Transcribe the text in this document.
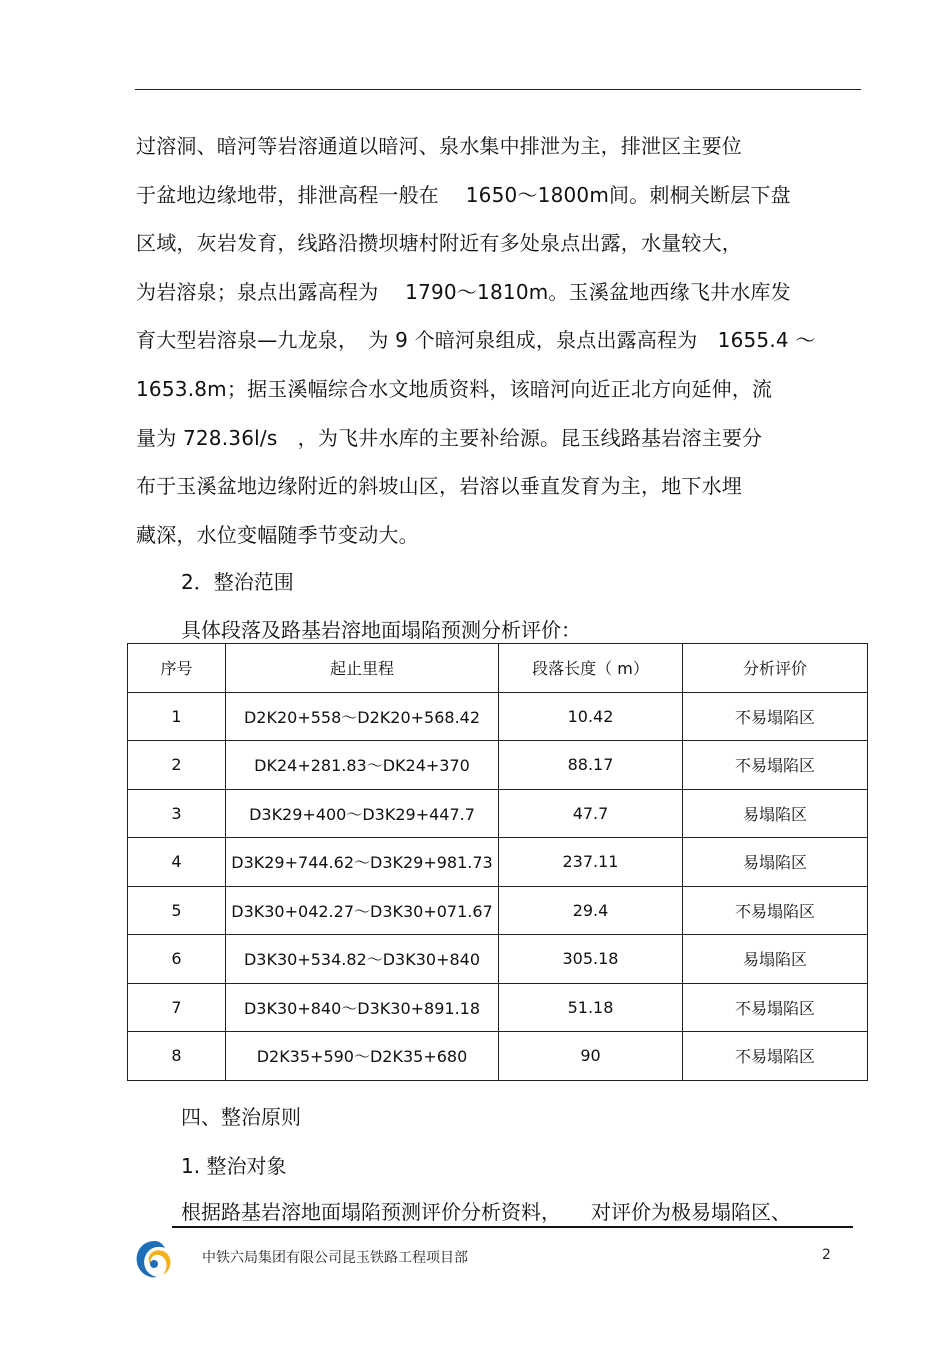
过溶洞、暗河等岩溶通道以暗河、泉水集中排泄为主，排泄区主要位
于盆地边缘地带，排泄高程一般在　 1650～1800m间。刺桐关断层下盘
区域，灰岩发育，线路沿攒坝塘村附近有多处泉点出露，水量较大，
为岩溶泉；泉点出露高程为　 1790～1810m。玉溪盆地西缘飞井水库发
育大型岩溶泉—九龙泉，　为 9 个暗河泉组成，泉点出露高程为　1655.4 ～
1653.8m；据玉溪幅综合水文地质资料，该暗河向近正北方向延伸，流
量为 728.36l/s　，为飞井水库的主要补给源。昆玉线路基岩溶主要分
布于玉溪盆地边缘附近的斜坡山区，岩溶以垂直发育为主，地下水埋
藏深，水位变幅随季节变动大。
2．整治范围
具体段落及路基岩溶地面塌陷预测分析评价：
序号	起止里程	段落长度（ m）	分析评价
1	D2K20+558～D2K20+568.42	10.42	不易塌陷区
2	DK24+281.83～DK24+370	88.17	不易塌陷区
3	D3K29+400～D3K29+447.7	47.7	易塌陷区
4	D3K29+744.62～D3K29+981.73	237.11	易塌陷区
5	D3K30+042.27～D3K30+071.67	29.4	不易塌陷区
6	D3K30+534.82～D3K30+840	305.18	易塌陷区
7	D3K30+840～D3K30+891.18	51.18	不易塌陷区
8	D2K35+590～D2K35+680	90	不易塌陷区
四、整治原则
1. 整治对象
根据路基岩溶地面塌陷预测评价分析资料，　　对评价为极易塌陷区、
中铁六局集团有限公司昆玉铁路工程项目部	2
